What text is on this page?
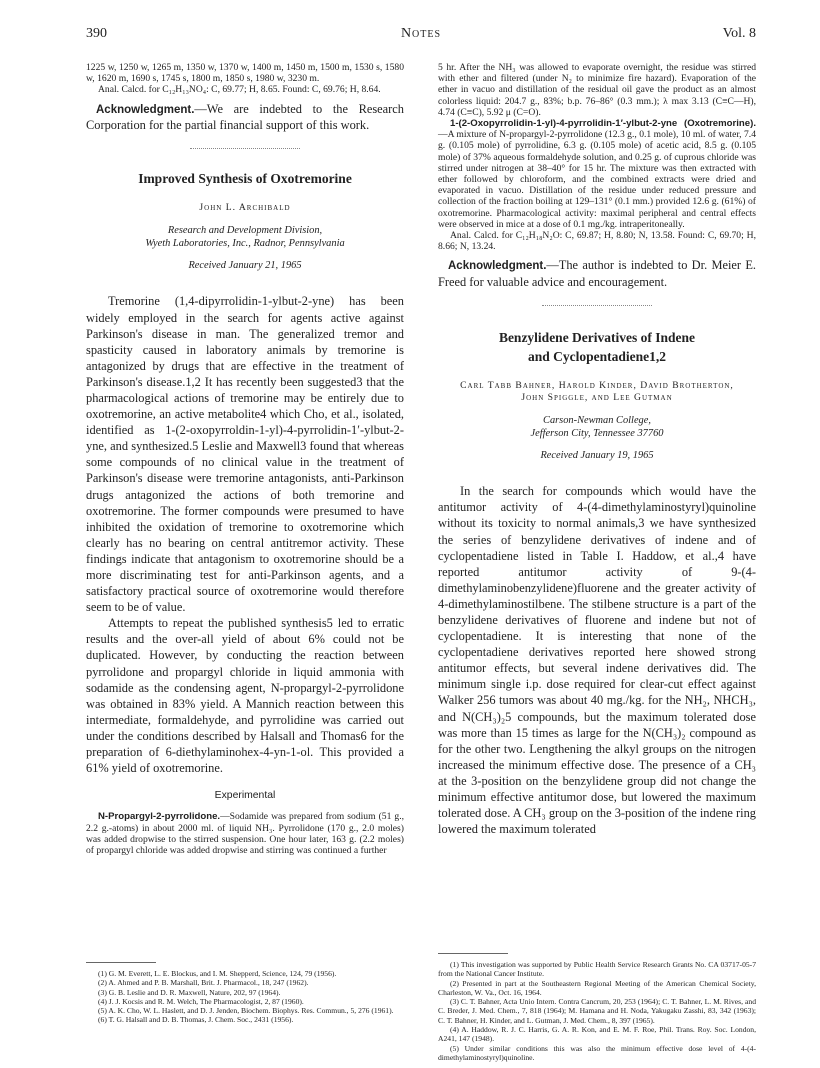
390	Notes	Vol. 8

1225 w, 1250 w, 1265 m, 1350 w, 1370 w, 1400 m, 1450 m, 1500 m, 1530 s, 1580 w, 1620 m, 1690 s, 1745 s, 1800 m, 1850 s, 1980 w, 3230 m.

Anal. Calcd. for C₁₂H₁₃NO₄: C, 69.77; H, 8.65. Found: C, 69.76; H, 8.64.

Acknowledgment.—We are indebted to the Research Corporation for the partial financial support of this work.

Improved Synthesis of Oxotremorine

John L. Archibald

Research and Development Division,
Wyeth Laboratories, Inc., Radnor, Pennsylvania

Received January 21, 1965

Tremorine (1,4-dipyrrolidin-1-ylbut-2-yne) has been widely employed in the search for agents active against Parkinson's disease in man. The generalized tremor and spasticity caused in laboratory animals by tremorine is antagonized by drugs that are effective in the treatment of Parkinson's disease.1,2 It has recently been suggested3 that the pharmacological actions of tremorine may be entirely due to oxotremorine, an active metabolite4 which Cho, et al., isolated, identified as 1-(2-oxopyrroldin-1-yl)-4-pyrrolidin-1′-ylbut-2-yne, and synthesized.5 Leslie and Maxwell3 found that whereas some compounds of no clinical value in the treatment of Parkinson's disease were tremorine antagonists, anti-Parkinson drugs antagonized the actions of both tremorine and oxotremorine. The former compounds were presumed to have inhibited the oxidation of tremorine to oxotremorine which clearly has no bearing on central antitremor activity. These findings indicate that antagonism to oxotremorine should be a more discriminating test for anti-Parkinson agents, and a satisfactory practical source of oxotremorine would therefore seem to be of value.

Attempts to repeat the published synthesis5 led to erratic results and the over-all yield of about 6% could not be duplicated. However, by conducting the reaction between pyrrolidone and propargyl chloride in liquid ammonia with sodamide as the condensing agent, N-propargyl-2-pyrrolidone was obtained in 83% yield. A Mannich reaction between this intermediate, formaldehyde, and pyrrolidine was carried out under the conditions described by Halsall and Thomas6 for the preparation of 6-diethylaminohex-4-yn-1-ol. This provided a 61% yield of oxotremorine.

Experimental

N-Propargyl-2-pyrrolidone.—Sodamide was prepared from sodium (51 g., 2.2 g.-atoms) in about 2000 ml. of liquid NH₃. Pyrrolidone (170 g., 2.0 moles) was added dropwise to the stirred suspension. One hour later, 163 g. (2.2 moles) of propargyl chloride was added dropwise and stirring was continued a further

(1) G. M. Everett, L. E. Blockus, and I. M. Shepperd, Science, 124, 79 (1956).

(2) A. Ahmed and P. B. Marshall, Brit. J. Pharmacol., 18, 247 (1962).

(3) G. B. Leslie and D. R. Maxwell, Nature, 202, 97 (1964).

(4) J. J. Kocsis and R. M. Welch, The Pharmacologist, 2, 87 (1960).

(5) A. K. Cho, W. L. Haslett, and D. J. Jenden, Biochem. Biophys. Res. Commun., 5, 276 (1961).

(6) T. G. Halsall and D. B. Thomas, J. Chem. Soc., 2431 (1956).

5 hr. After the NH₃ was allowed to evaporate overnight, the residue was stirred with ether and filtered (under N₂ to minimize fire hazard). Evaporation of the ether in vacuo and distillation of the residual oil gave the product as an almost colorless liquid: 204.7 g., 83%; b.p. 76–86° (0.3 mm.); λ max 3.13 (C≡C—H), 4.74 (C≡C), 5.92 μ (C=O).

1-(2-Oxopyrrolidin-1-yl)-4-pyrrolidin-1′-ylbut-2-yne (Oxotremorine).—A mixture of N-propargyl-2-pyrrolidone (12.3 g., 0.1 mole), 10 ml. of water, 7.4 g. (0.105 mole) of pyrrolidine, 6.3 g. (0.105 mole) of acetic acid, 8.5 g. (0.105 mole) of 37% aqueous formaldehyde solution, and 0.25 g. of cuprous chloride was stirred under nitrogen at 38–40° for 15 hr. The mixture was then extracted with ether followed by chloroform, and the combined extracts were dried and evaporated in vacuo. Distillation of the residue under reduced pressure and collection of the fraction boiling at 129–131° (0.1 mm.) provided 12.6 g. (61%) of oxotremorine. Pharmacological activity: maximal peripheral and central effects were observed in mice at a dose of 0.1 mg./kg. intraperitoneally.

Anal. Calcd. for C₁₂H₁₈N₂O: C, 69.87; H, 8.80; N, 13.58. Found: C, 69.70; H, 8.66; N, 13.24.

Acknowledgment.—The author is indebted to Dr. Meier E. Freed for valuable advice and encouragement.

Benzylidene Derivatives of Indene
and Cyclopentadiene1,2

Carl Tabb Bahner, Harold Kinder, David Brotherton,
John Spiggle, and Lee Gutman

Carson-Newman College,
Jefferson City, Tennessee 37760

Received January 19, 1965

In the search for compounds which would have the antitumor activity of 4-(4-dimethylaminostyryl)quinoline without its toxicity to normal animals,3 we have synthesized the series of benzylidene derivatives of indene and of cyclopentadiene listed in Table I. Haddow, et al.,4 have reported antitumor activity of 9-(4-dimethylaminobenzylidene)fluorene and the greater activity of 4-dimethylaminostilbene. The stilbene structure is a part of the benzylidene derivatives of fluorene and indene but not of cyclopentadiene. It is interesting that none of the cyclopentadiene derivatives reported here showed strong antitumor effects, but several indene derivatives did. The minimum single i.p. dose required for clear-cut effect against Walker 256 tumors was about 40 mg./kg. for the NH₂, NHCH₃, and N(CH₃)₂5 compounds, but the maximum tolerated dose was more than 15 times as large for the N(CH₃)₂ compound as for the other two. Lengthening the alkyl groups on the nitrogen increased the minimum effective dose. The presence of a CH₃ at the 3-position on the benzylidene group did not change the minimum effective antitumor dose, but lowered the maximum tolerated dose. A CH₃ group on the 3-position of the indene ring lowered the maximum tolerated

(1) This investigation was supported by Public Health Service Research Grants No. CA 03717-05-7 from the National Cancer Institute.

(2) Presented in part at the Southeastern Regional Meeting of the American Chemical Society, Charleston, W. Va., Oct. 16, 1964.

(3) C. T. Bahner, Acta Unio Intern. Contra Cancrum, 20, 253 (1964); C. T. Bahner, L. M. Rives, and C. Breder, J. Med. Chem., 7, 818 (1964); M. Hamana and H. Noda, Yakugaku Zasshi, 83, 342 (1963); C. T. Bahner, H. Kinder, and L. Gutman, J. Med. Chem., 8, 397 (1965).

(4) A. Haddow, R. J. C. Harris, G. A. R. Kon, and E. M. F. Roe, Phil. Trans. Roy. Soc. London, A241, 147 (1948).

(5) Under similar conditions this was also the minimum effective dose level of 4-(4-dimethylaminostyryl)quinoline.
